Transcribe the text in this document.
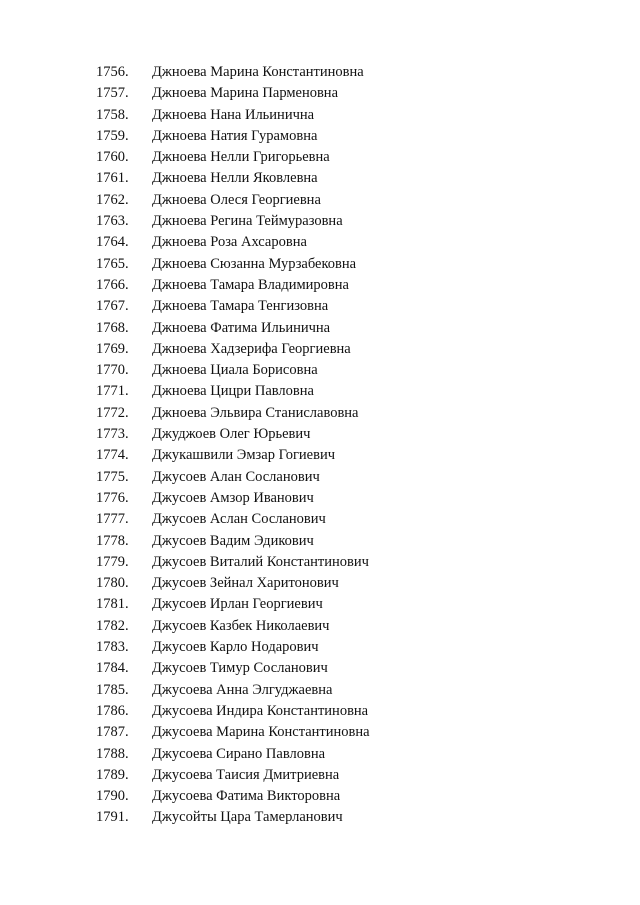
1756. Джноева Марина Константиновна
1757. Джноева Марина Парменовна
1758. Джноева Нана Ильинична
1759. Джноева Натия Гурамовна
1760. Джноева Нелли Григорьевна
1761. Джноева Нелли Яковлевна
1762. Джноева Олеся Георгиевна
1763. Джноева Регина Теймуразовна
1764. Джноева Роза Ахсаровна
1765. Джноева Сюзанна Мурзабековна
1766. Джноева Тамара Владимировна
1767. Джноева Тамара Тенгизовна
1768. Джноева Фатима Ильинична
1769. Джноева Хадзерифа Георгиевна
1770. Джноева Циала Борисовна
1771. Джноева Цицри Павловна
1772. Джноева Эльвира Станиславовна
1773. Джуджоев Олег Юрьевич
1774. Джукашвили Эмзар Гогиевич
1775. Джусоев Алан Сосланович
1776. Джусоев Амзор Иванович
1777. Джусоев Аслан Сосланович
1778. Джусоев Вадим Эдикович
1779. Джусоев Виталий Константинович
1780. Джусоев Зейнал Харитонович
1781. Джусоев Ирлан Георгиевич
1782. Джусоев Казбек Николаевич
1783. Джусоев Карло Нодарович
1784. Джусоев Тимур Сосланович
1785. Джусоева Анна Элгуджаевна
1786. Джусоева Индира Константиновна
1787. Джусоева Марина Константиновна
1788. Джусоева Сирано Павловна
1789. Джусоева Таисия Дмитриевна
1790. Джусоева Фатима Викторовна
1791. Джусойты Цара Тамерланович
